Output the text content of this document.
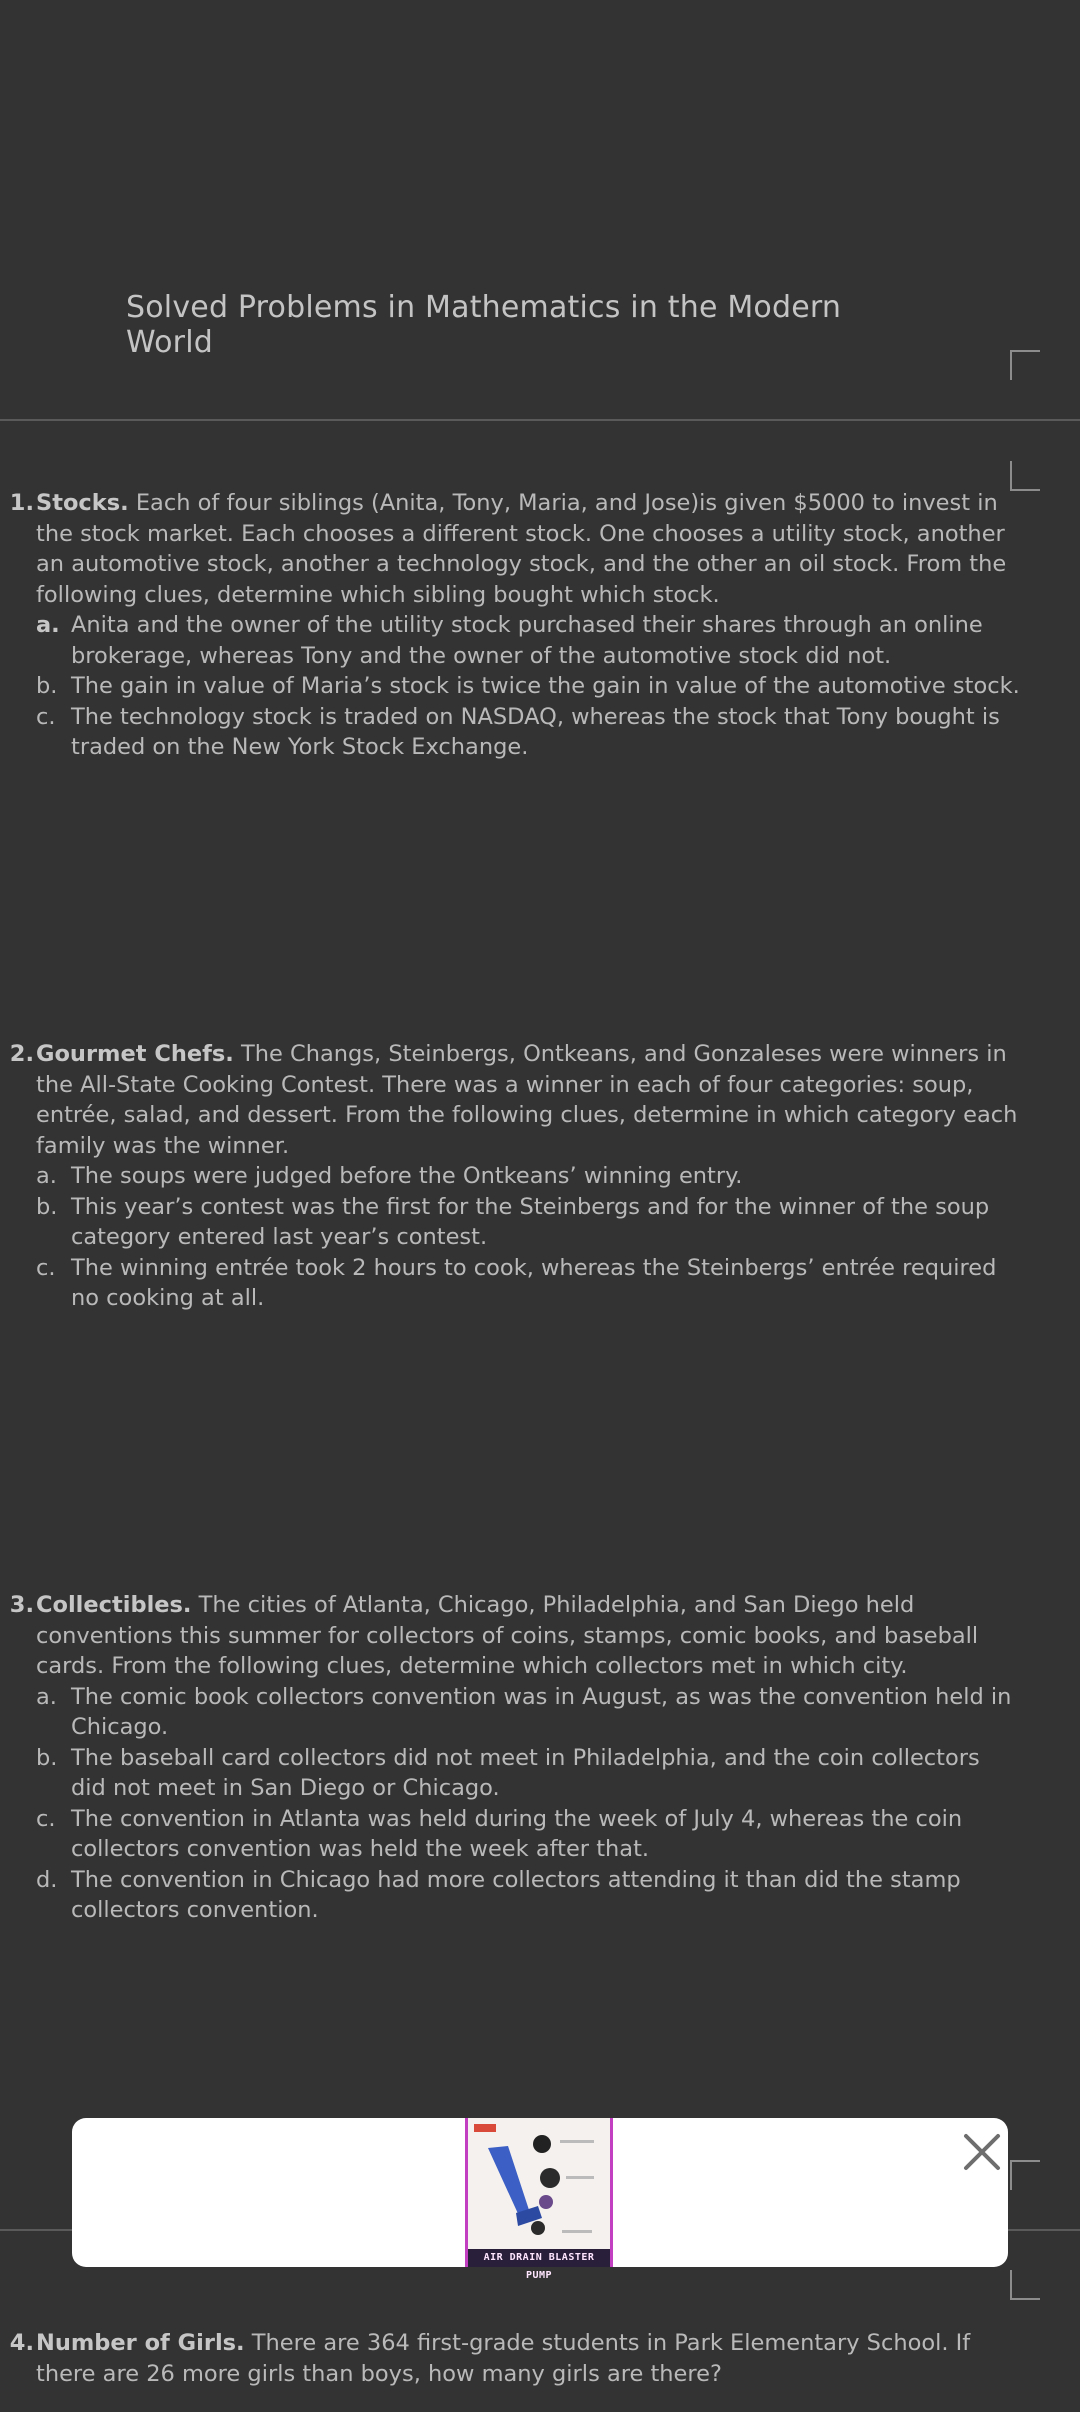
Solved Problems in Mathematics in the Modern World
1. Stocks. Each of four siblings (Anita, Tony, Maria, and Jose)is given $5000 to invest in the stock market. Each chooses a different stock. One chooses a utility stock, another an automotive stock, another a technology stock, and the other an oil stock. From the following clues, determine which sibling bought which stock.
a. Anita and the owner of the utility stock purchased their shares through an online brokerage, whereas Tony and the owner of the automotive stock did not.
b. The gain in value of Maria’s stock is twice the gain in value of the automotive stock.
c. The technology stock is traded on NASDAQ, whereas the stock that Tony bought is traded on the New York Stock Exchange.
2. Gourmet Chefs. The Changs, Steinbergs, Ontkeans, and Gonzaleses were winners in the All-State Cooking Contest. There was a winner in each of four categories: soup, entrée, salad, and dessert. From the following clues, determine in which category each family was the winner.
a. The soups were judged before the Ontkeans’ winning entry.
b. This year’s contest was the first for the Steinbergs and for the winner of the soup category entered last year’s contest.
c. The winning entrée took 2 hours to cook, whereas the Steinbergs’ entrée required no cooking at all.
3. Collectibles. The cities of Atlanta, Chicago, Philadelphia, and San Diego held conventions this summer for collectors of coins, stamps, comic books, and baseball cards. From the following clues, determine which collectors met in which city.
a. The comic book collectors convention was in August, as was the convention held in Chicago.
b. The baseball card collectors did not meet in Philadelphia, and the coin collectors did not meet in San Diego or Chicago.
c. The convention in Atlanta was held during the week of July 4, whereas the coin collectors convention was held the week after that.
d. The convention in Chicago had more collectors attending it than did the stamp collectors convention.
4. Number of Girls. There are 364 first-grade students in Park Elementary School. If there are 26 more girls than boys, how many girls are there?
AIR DRAIN BLASTER PUMP
